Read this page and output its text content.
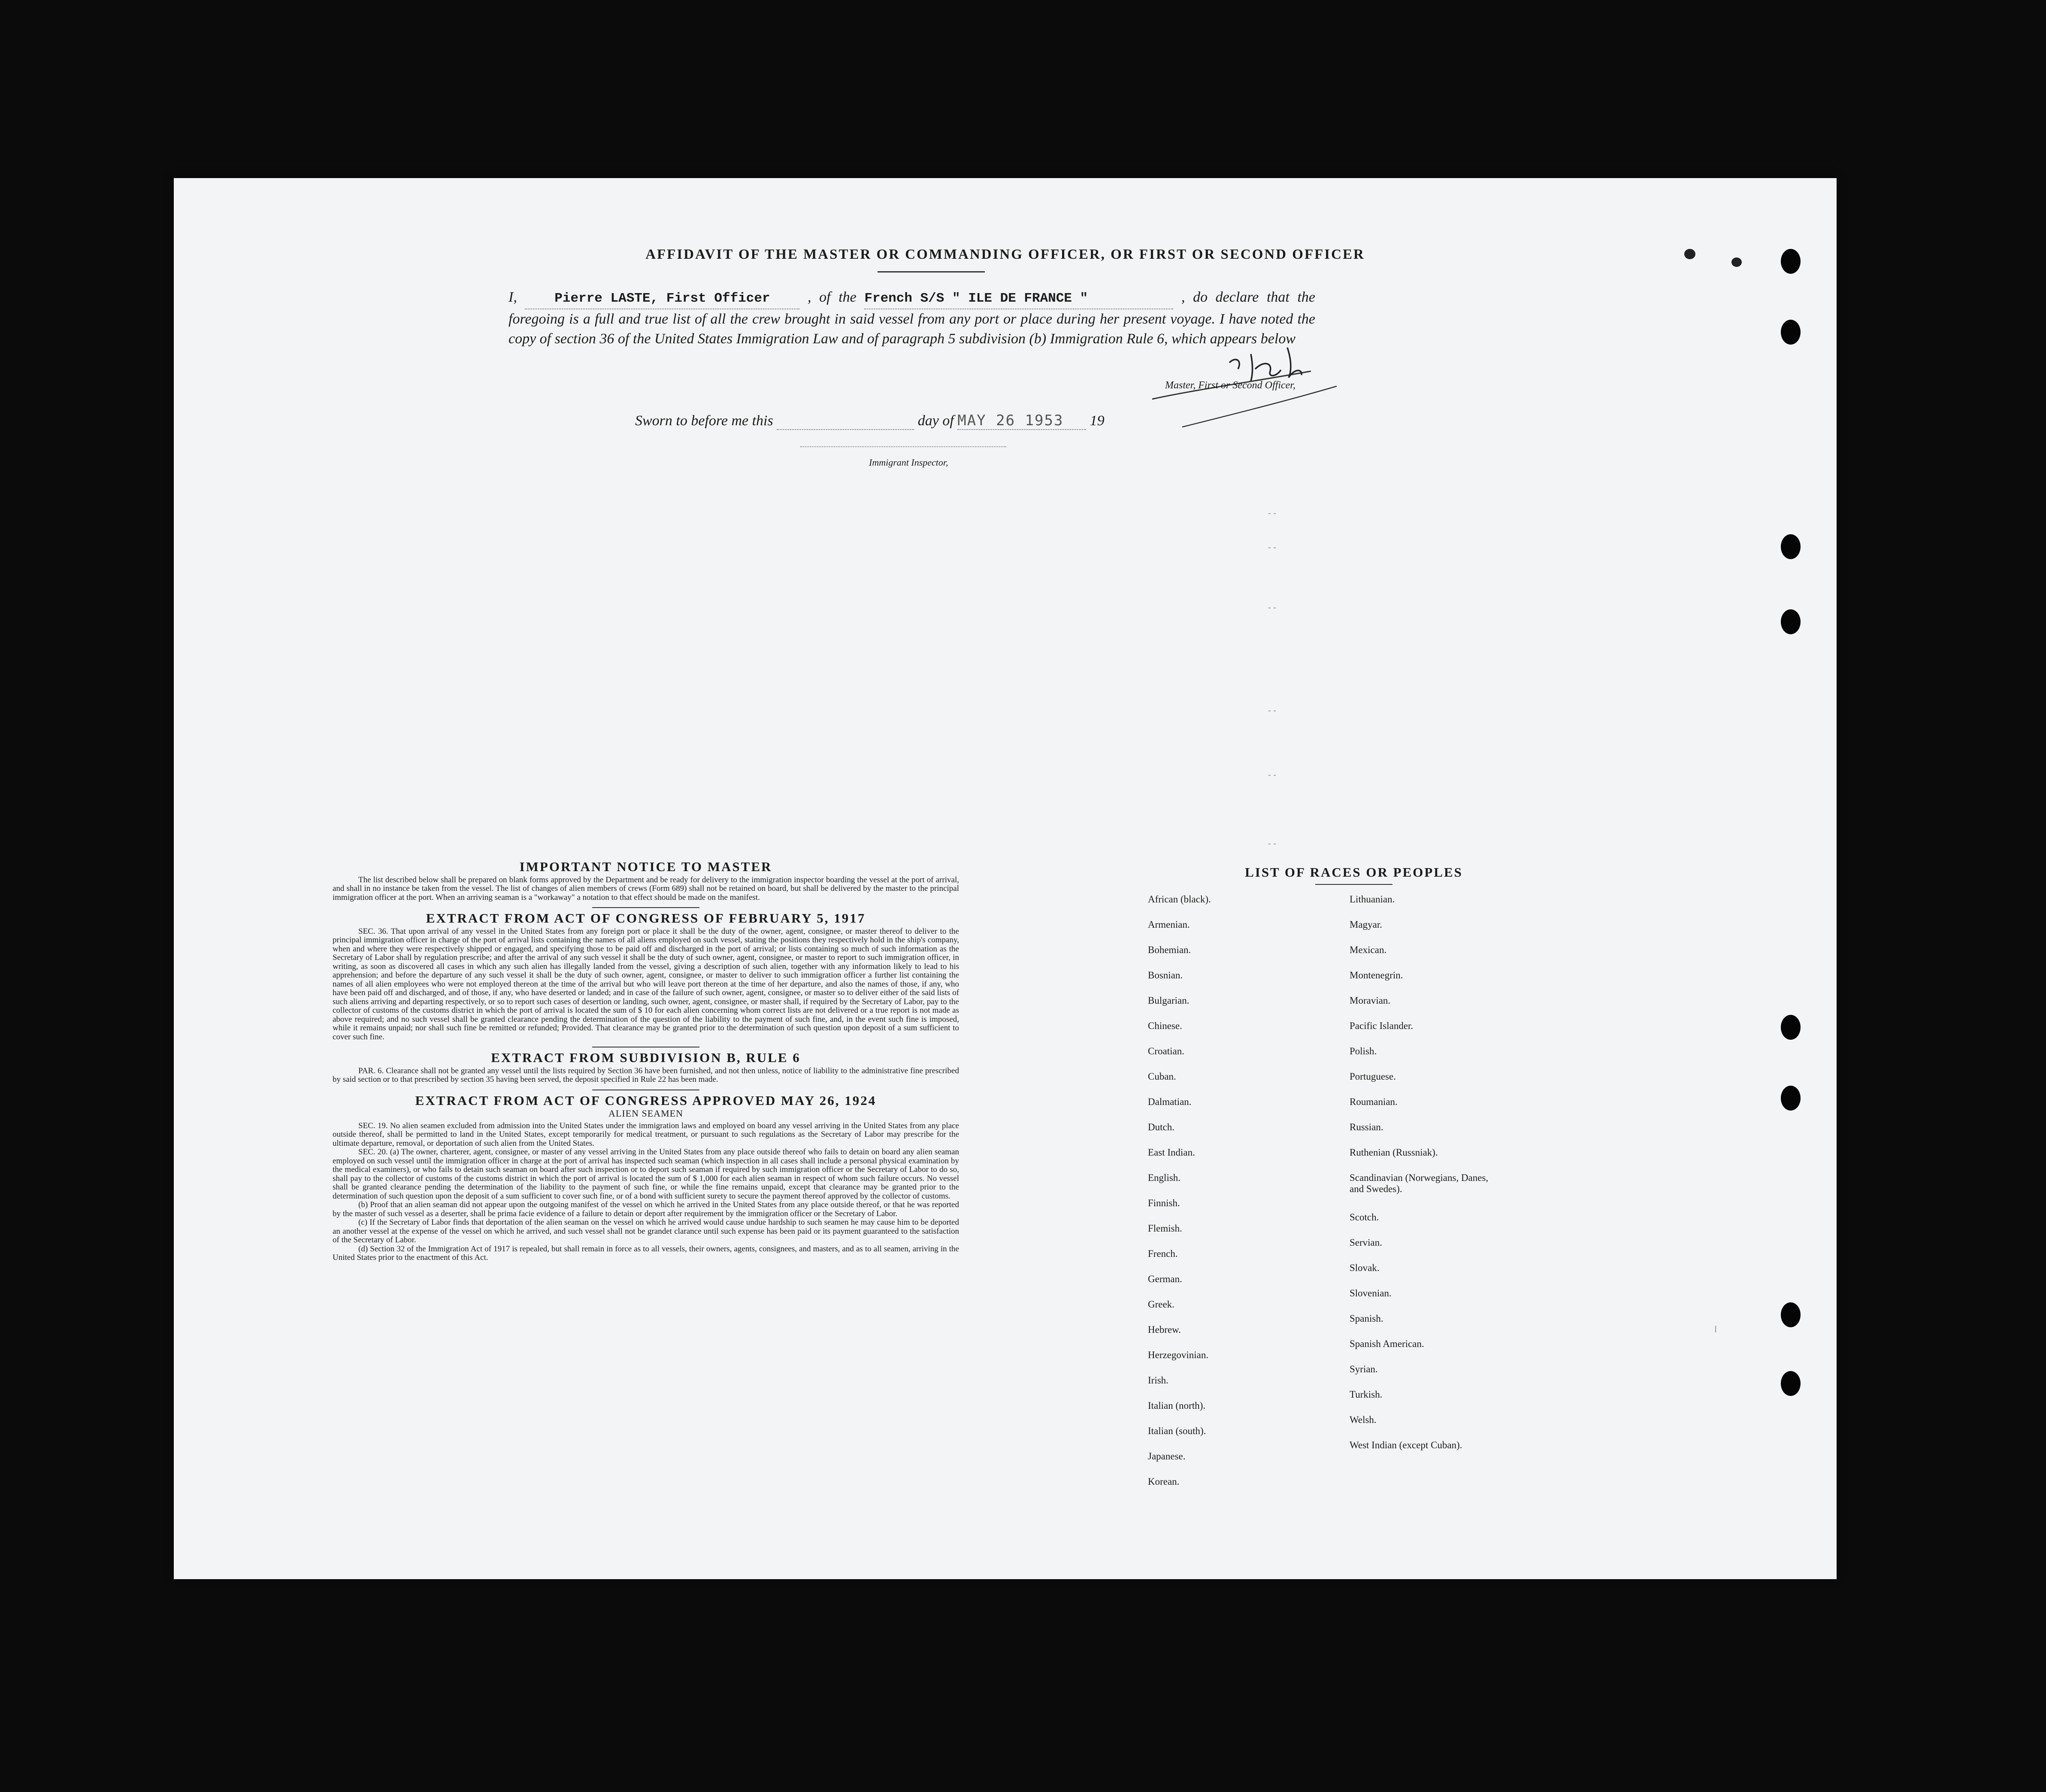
AFFIDAVIT OF THE MASTER OR COMMANDING OFFICER, OR FIRST OR SECOND OFFICER
I,	Pierre LASTE, First Officer	, of the French S/S " ILE DE FRANCE "	, do declare that the foregoing is a full and true list of all the crew brought in said vessel from any port or place during her present voyage. I have noted the copy of section 36 of the United States Immigration Law and of paragraph 5 subdivision (b) Immigration Rule 6, which appears below
Master, First or Second Officer,
Sworn to before me this	day of MAY 26 1953 19
Immigrant Inspector,
- -
- -
- -
- -
- -
- -
I
IMPORTANT NOTICE TO MASTER

The list described below shall be prepared on blank forms approved by the Department and be ready for delivery to the immigration inspector boarding the vessel at the port of arrival, and shall in no instance be taken from the vessel. The list of changes of alien members of crews (Form 689) shall not be retained on board, but shall be delivered by the master to the principal immigration officer at the port. When an arriving seaman is a "workaway" a notation to that effect should be made on the manifest.

EXTRACT FROM ACT OF CONGRESS OF FEBRUARY 5, 1917

SEC. 36. That upon arrival of any vessel in the United States from any foreign port or place it shall be the duty of the owner, agent, consignee, or master thereof to deliver to the principal immigration officer in charge of the port of arrival lists containing the names of all aliens employed on such vessel, stating the positions they respectively hold in the ship's company, when and where they were respectively shipped or engaged, and specifying those to be paid off and discharged in the port of arrival; or lists containing so much of such information as the Secretary of Labor shall by regulation prescribe; and after the arrival of any such vessel it shall be the duty of such owner, agent, consignee, or master to report to such immigration officer, in writing, as soon as discovered all cases in which any such alien has illegally landed from the vessel, giving a description of such alien, together with any information likely to lead to his apprehension; and before the departure of any such vessel it shall be the duty of such owner, agent, consignee, or master to deliver to such immigration officer a further list containing the names of all alien employees who were not employed thereon at the time of the arrival but who will leave port thereon at the time of her departure, and also the names of those, if any, who have been paid off and discharged, and of those, if any, who have deserted or landed; and in case of the failure of such owner, agent, consignee, or master so to deliver either of the said lists of such aliens arriving and departing respectively, or so to report such cases of desertion or landing, such owner, agent, consignee, or master shall, if required by the Secretary of Labor, pay to the collector of customs of the customs district in which the port of arrival is located the sum of $ 10 for each alien concerning whom correct lists are not delivered or a true report is not made as above required; and no such vessel shall be granted clearance pending the determination of the question of the liability to the payment of such fine, and, in the event such fine is imposed, while it remains unpaid; nor shall such fine be remitted or refunded; Provided. That clearance may be granted prior to the determination of such question upon deposit of a sum sufficient to cover such fine.

EXTRACT FROM SUBDIVISION B, RULE 6

PAR. 6. Clearance shall not be granted any vessel until the lists required by Section 36 have been furnished, and not then unless, notice of liability to the administrative fine prescribed by said section or to that prescribed by section 35 having been served, the deposit specified in Rule 22 has been made.

EXTRACT FROM ACT OF CONGRESS APPROVED MAY 26, 1924
ALIEN SEAMEN

SEC. 19. No alien seamen excluded from admission into the United States under the immigration laws and employed on board any vessel arriving in the United States from any place outside thereof, shall be permitted to land in the United States, except temporarily for medical treatment, or pursuant to such regulations as the Secretary of Labor may prescribe for the ultimate departure, removal, or deportation of such alien from the United States.

SEC. 20. (a) The owner, charterer, agent, consignee, or master of any vessel arriving in the United States from any place outside thereof who fails to detain on board any alien seaman employed on such vessel until the immigration officer in charge at the port of arrival has inspected such seaman (which inspection in all cases shall include a personal physical examination by the medical examiners), or who fails to detain such seaman on board after such inspection or to deport such seaman if required by such immigration officer or the Secretary of Labor to do so, shall pay to the collector of customs of the customs district in which the port of arrival is located the sum of $ 1,000 for each alien seaman in respect of whom such failure occurs. No vessel shall be granted clearance pending the determination of the liability to the payment of such fine, or while the fine remains unpaid, except that clearance may be granted prior to the determination of such question upon the deposit of a sum sufficient to cover such fine, or of a bond with sufficient surety to secure the payment thereof approved by the collector of customs.

(b) Proof that an alien seaman did not appear upon the outgoing manifest of the vessel on which he arrived in the United States from any place outside thereof, or that he was reported by the master of such vessel as a deserter, shall be prima facie evidence of a failure to detain or deport after requirement by the immigration officer or the Secretary of Labor.

(c) If the Secretary of Labor finds that deportation of the alien seaman on the vessel on which he arrived would cause undue hardship to such seamen he may cause him to be deported an another vessel at the expense of the vessel on which he arrived, and such vessel shall not be grandet clarance until such expense has been paid or its payment guaranteed to the satisfaction of the Secretary of Labor.

(d) Section 32 of the Immigration Act of 1917 is repealed, but shall remain in force as to all vessels, their owners, agents, consignees, and masters, and as to all seamen, arriving in the United States prior to the enactment of this Act.

LIST OF RACES OR PEOPLES
African (black).
Armenian.
Bohemian.
Bosnian.
Bulgarian.
Chinese.
Croatian.
Cuban.
Dalmatian.
Dutch.
East Indian.
English.
Finnish.
Flemish.
French.
German.
Greek.
Hebrew.
Herzegovinian.
Irish.
Italian (north).
Italian (south).
Japanese.
Korean.
Lithuanian.
Magyar.
Mexican.
Montenegrin.
Moravian.
Pacific Islander.
Polish.
Portuguese.
Roumanian.
Russian.
Ruthenian (Russniak).
Scandinavian (Norwegians, Danes, and Swedes).
Scotch.
Servian.
Slovak.
Slovenian.
Spanish.
Spanish American.
Syrian.
Turkish.
Welsh.
West Indian (except Cuban).
